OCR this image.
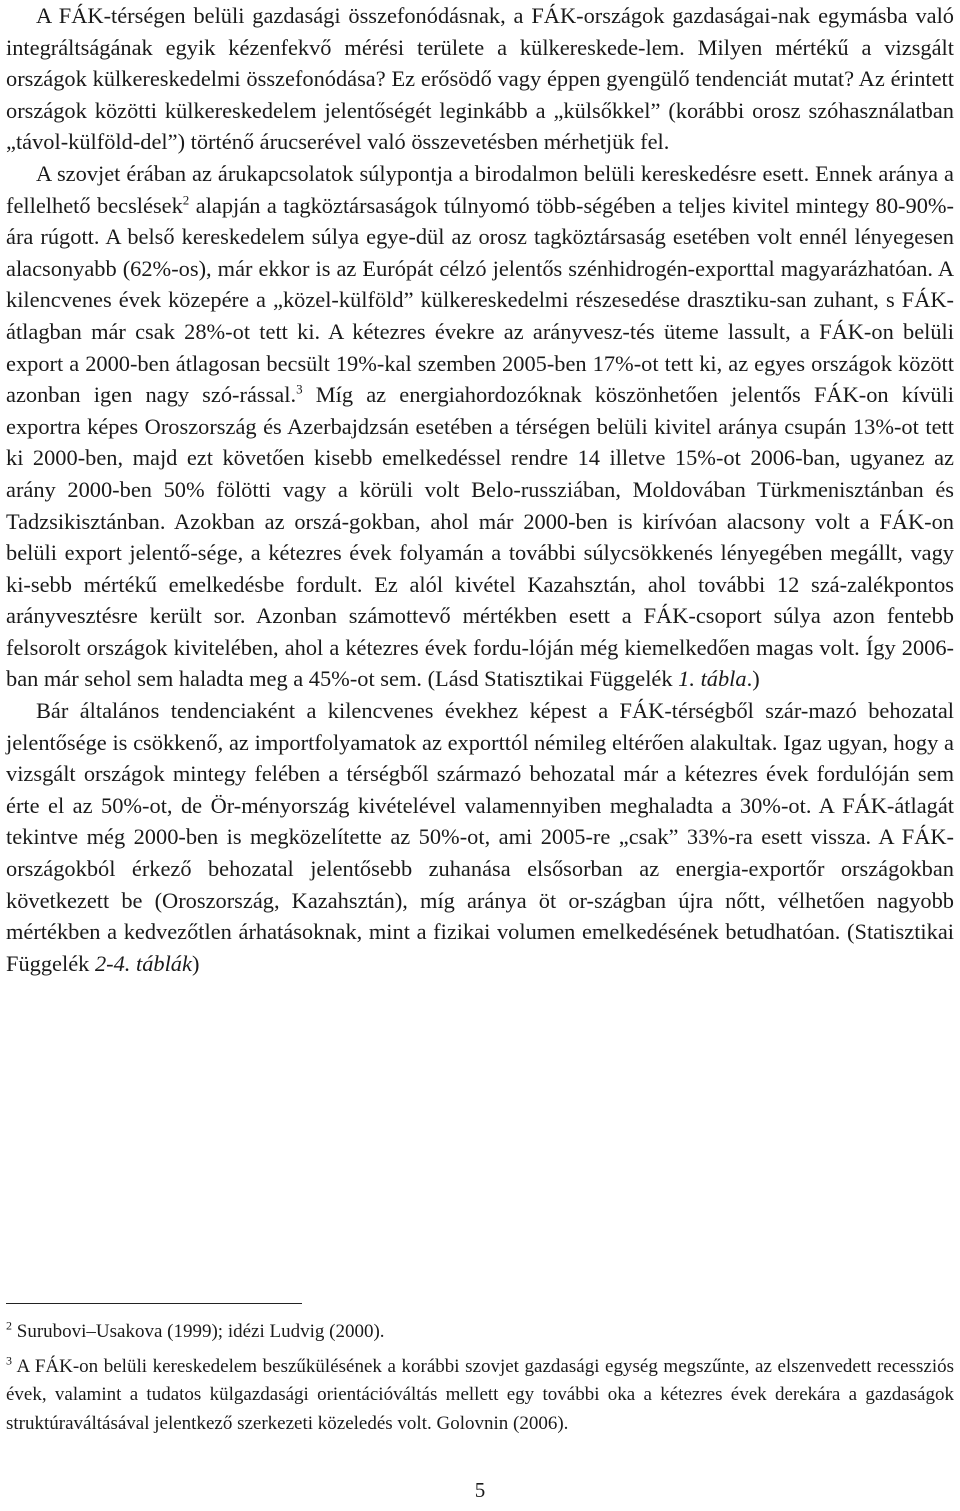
A FÁK-térségen belüli gazdasági összefonódásnak, a FÁK-országok gazdaságai-nak egymásba való integráltságának egyik kézenfekvő mérési területe a külkereskede-lem. Milyen mértékű a vizsgált országok külkereskedelmi összefonódása? Ez erősödő vagy éppen gyengülő tendenciát mutat? Az érintett országok közötti külkereskedelem jelentőségét leginkább a „külsőkkel” (korábbi orosz szóhasználatban „távol-külföld-del”) történő árucserével való összevetésben mérhetjük fel.

A szovjet érában az árukapcsolatok súlypontja a birodalmon belüli kereskedésre esett. Ennek aránya a fellelhető becslések$^2$ alapján a tagköztársaságok túlnyomó több-ségében a teljes kivitel mintegy 80-90%-ára rúgott. A belső kereskedelem súlya egye-dül az orosz tagköztársaság esetében volt ennél lényegesen alacsonyabb (62%-os), már ekkor is az Európát célzó jelentős szénhidrogén-exporttal magyarázhatóan. A kilencvenes évek közepére a „közel-külföld” külkereskedelmi részesedése drasztiku-san zuhant, s FÁK-átlagban már csak 28%-ot tett ki. A kétezres évekre az arányvesz-tés üteme lassult, a FÁK-on belüli export a 2000-ben átlagosan becsült 19%-kal szemben 2005-ben 17%-ot tett ki, az egyes országok között azonban igen nagy szó-rással.$^3$ Míg az energiahordozóknak köszönhetően jelentős FÁK-on kívüli exportra képes Oroszország és Azerbajdzsán esetében a térségen belüli kivitel aránya csupán 13%-ot tett ki 2000-ben, majd ezt követően kisebb emelkedéssel rendre 14 illetve 15%-ot 2006-ban, ugyanez az arány 2000-ben 50% fölötti vagy a körüli volt Belo-russziában, Moldovában Türkmenisztánban és Tadzsikisztánban. Azokban az orszá-gokban, ahol már 2000-ben is kirívóan alacsony volt a FÁK-on belüli export jelentő-sége, a kétezres évek folyamán a további súlycsökkenés lényegében megállt, vagy ki-sebb mértékű emelkedésbe fordult. Ez alól kivétel Kazahsztán, ahol további 12 szá-zalékpontos arányvesztésre került sor. Azonban számottevő mértékben esett a FÁK-csoport súlya azon fentebb felsorolt országok kivitelében, ahol a kétezres évek fordu-lóján még kiemelkedően magas volt. Így 2006-ban már sehol sem haladta meg a 45%-ot sem. (Lásd Statisztikai Függelék 1. tábla.)

Bár általános tendenciaként a kilencvenes évekhez képest a FÁK-térségből szár-mazó behozatal jelentősége is csökkenő, az importfolyamatok az exporttól némileg eltérően alakultak. Igaz ugyan, hogy a vizsgált országok mintegy felében a térségből származó behozatal már a kétezres évek fordulóján sem érte el az 50%-ot, de Ör-ményország kivételével valamennyiben meghaladta a 30%-ot. A FÁK-átlagát tekintve még 2000-ben is megközelítette az 50%-ot, ami 2005-re „csak” 33%-ra esett vissza. A FÁK-országokból érkező behozatal jelentősebb zuhanása elsősorban az energia-exportőr országokban következett be (Oroszország, Kazahsztán), míg aránya öt or-szágban újra nőtt, vélhetően nagyobb mértékben a kedvezőtlen árhatásoknak, mint a fizikai volumen emelkedésének betudhatóan. (Statisztikai Függelék 2-4. táblák)

$^2$ Surubovi–Usakova (1999); idézi Ludvig (2000).

$^3$ A FÁK-on belüli kereskedelem beszűkülésének a korábbi szovjet gazdasági egység megszűnte, az elszenvedett recessziós évek, valamint a tudatos külgazdasági orientációváltás mellett egy további oka a kétezres évek derekára a gazdaságok struktúraváltásával jelentkező szerkezeti közeledés volt. Golovnin (2006).

5
